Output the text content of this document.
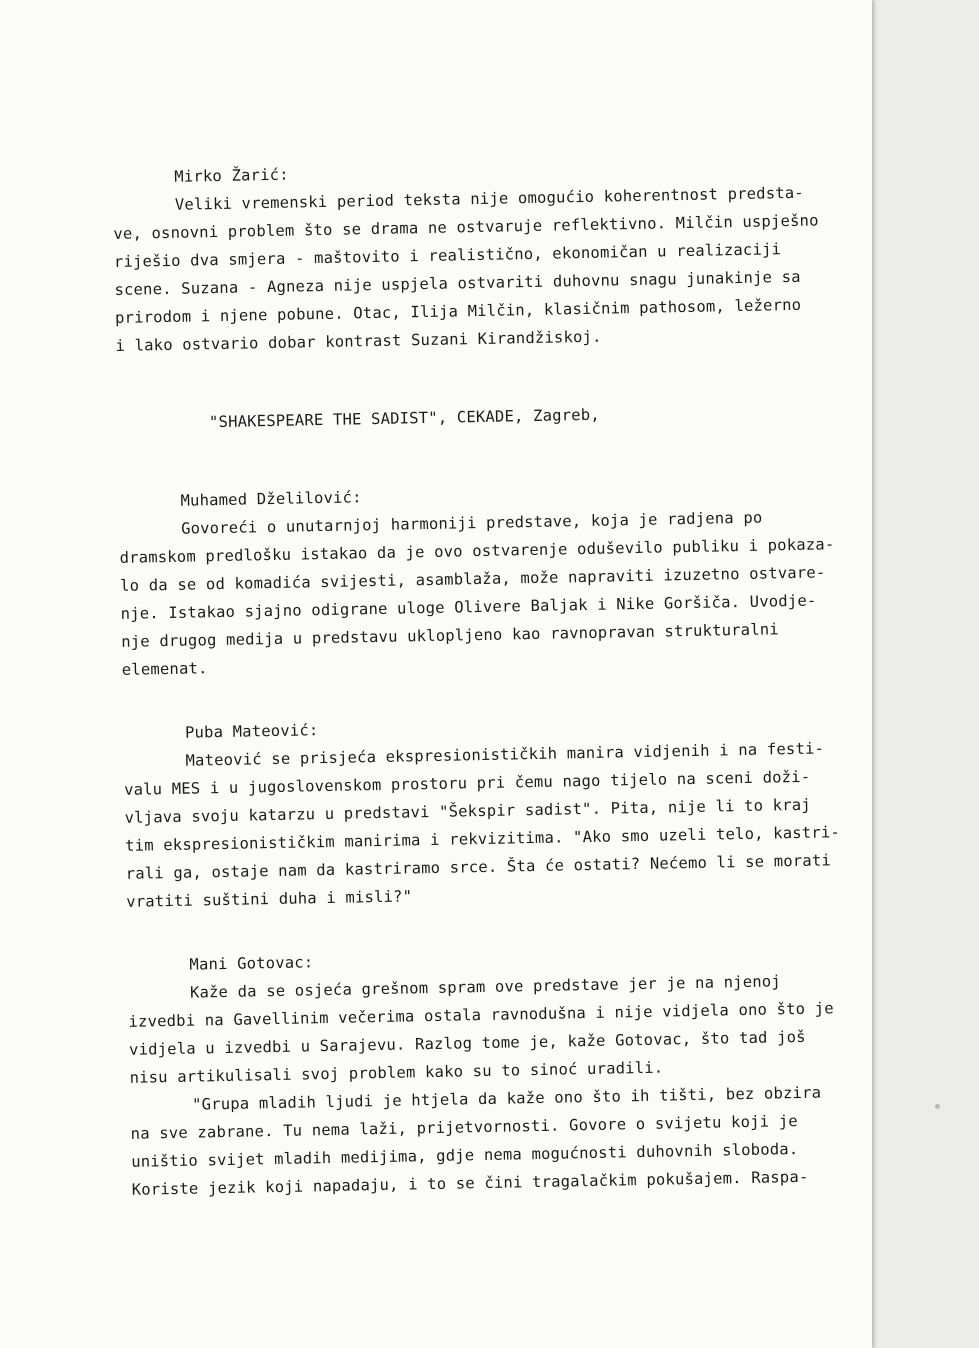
Mirko Žarić:
Veliki vremenski period teksta nije omogućio koherentnost predsta-
ve, osnovni problem što se drama ne ostvaruje reflektivno. Milčin uspješno
riješio dva smjera - maštovito i realistično, ekonomičan u realizaciji
scene. Suzana - Agneza nije uspjela ostvariti duhovnu snagu junakinje sa
prirodom i njene pobune. Otac, Ilija Milčin, klasičnim pathosom, ležerno
i lako ostvario dobar kontrast Suzani Kirandžiskoj.
"SHAKESPEARE THE SADIST", CEKADE, Zagreb,
Muhamed Dželilović:
Govoreći o unutarnjoj harmoniji predstave, koja je radjena po
dramskom predlošku istakao da je ovo ostvarenje oduševilo publiku i pokaza-
lo da se od komadića svijesti, asamblaža, može napraviti izuzetno ostvare-
nje. Istakao sjajno odigrane uloge Olivere Baljak i Nike Goršiča. Uvodje-
nje drugog medija u predstavu uklopljeno kao ravnopravan strukturalni
elemenat.
Puba Mateović:
Mateović se prisjeća ekspresionističkih manira vidjenih i na festi-
valu MES i u jugoslovenskom prostoru pri čemu nago tijelo na sceni doži-
vljava svoju katarzu u predstavi "Šekspir sadist". Pita, nije li to kraj
tim ekspresionističkim manirima i rekvizitima. "Ako smo uzeli telo, kastri-
rali ga, ostaje nam da kastriramo srce. Šta će ostati? Nećemo li se morati
vratiti suštini duha i misli?"
Mani Gotovac:
Kaže da se osjeća grešnom spram ove predstave jer je na njenoj
izvedbi na Gavellinim večerima ostala ravnodušna i nije vidjela ono što je
vidjela u izvedbi u Sarajevu. Razlog tome je, kaže Gotovac, što tad još
nisu artikulisali svoj problem kako su to sinoć uradili.
"Grupa mladih ljudi je htjela da kaže ono što ih tišti, bez obzira
na sve zabrane. Tu nema laži, prijetvornosti. Govore o svijetu koji je
uništio svijet mladih medijima, gdje nema mogućnosti duhovnih sloboda.
Koriste jezik koji napadaju, i to se čini tragalačkim pokušajem. Raspa-
